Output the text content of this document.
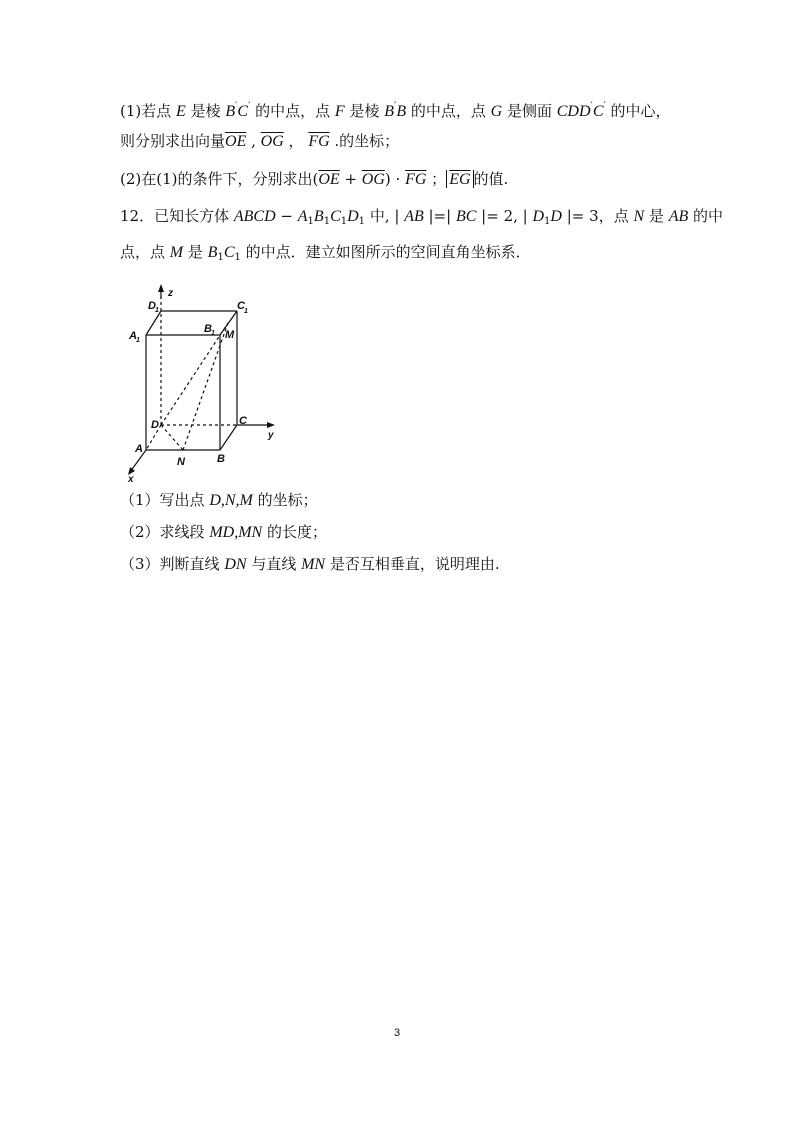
(1)若点 E 是棱 B′C′ 的中点，点 F 是棱 B′B 的中点，点 G 是侧面 CDD′C′ 的中心，
则分别求出向量$\overline{OE}$ , $\overline{OG}$ ， $\overline{FG}$ .的坐标；
(2)在(1)的条件下，分别求出$(\overline{OE} + \overline{OG}) \cdot \overline{FG}$ ； $\overline{EG}$ 的值.
12．已知长方体 ABCD − $A_1B_1C_1D_1$ 中, | AB |=| BC |= 2, | $D_1D$ |= 3，点 N 是 AB 的中
点，点 M 是 $B_1C_1$ 的中点．建立如图所示的空间直角坐标系．
D 1
z
C 1
A 1
B 1 M
D	C
y
A
N	B
x
（1）写出点 D,N,M 的坐标；
（2）求线段 MD,MN 的长度；
（3）判断直线 DN 与直线 MN 是否互相垂直，说明理由.
3
